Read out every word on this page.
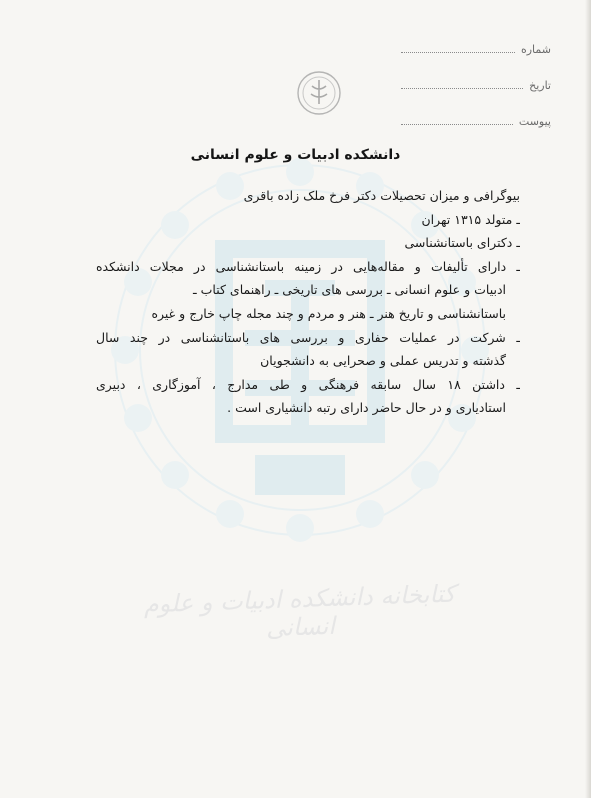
کتابخانه دانشکده ادبیات و علوم انسانی
شماره
تاریخ
پیوست
دانشکده ادبیات و علوم انسانی
بیوگرافی و میزان تحصیلات دکتر فرخ ملک زاده باقری
ـ متولد ۱۳۱۵ تهران
ـ دکترای باستانشناسی
ـ دارای تألیفات و مقاله‌هایی در زمینه باستانشناسی در مجلات دانشکده
ادبیات و علوم انسانی ـ بررسی های تاریخی ـ راهنمای کتاب ـ
باستانشناسی و تاریخ هنر ـ هنر و مردم و چند مجله چاپ خارج و غیره
ـ شرکت در عملیات حفاری و بررسی های باستانشناسی در چند سال
گذشته و تدریس عملی و صحرایی به دانشجویان
ـ داشتن ۱۸ سال سابقه فرهنگی و طی مدارج ، آموزگاری ، دبیری
استادیاری و در حال حاضر دارای رتبه دانشیاری است .
